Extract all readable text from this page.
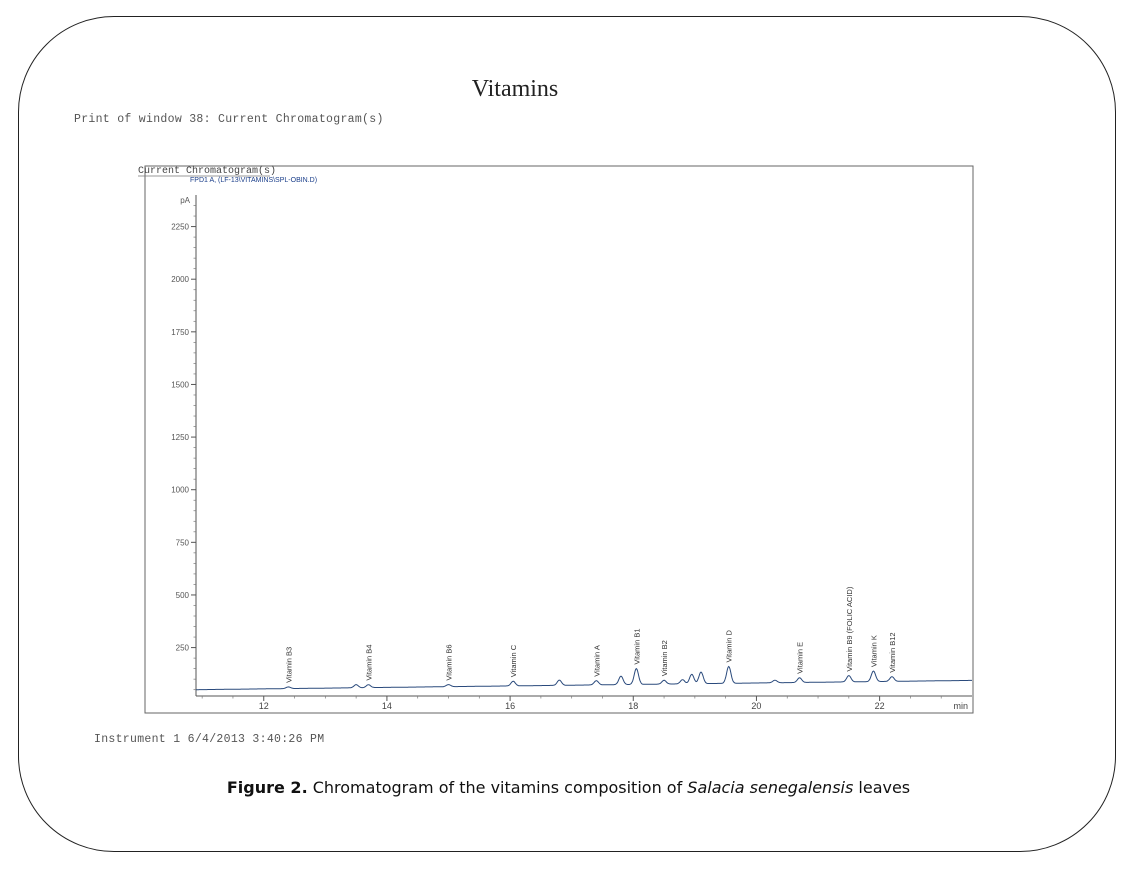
Vitamins
Print of window 38: Current Chromatogram(s)
Current Chromatogram(s)
FPD1 A, (LF-13\VITAMINS\SPL-OBIN.D)
pA
250
500
750
1000
1250
1500
1750
2000
2250
12	14	16	18	20	22	min
Vitamin B3	Vitamin B4	Vitamin B6	Vitamin C	Vitamin A	Vitamin B1 Vitamin B2	Vitamin D	Vitamin E	Vitamin B9 (FOLIC ACID) Vitamin K Vitamin B12
Instrument 1 6/4/2013 3:40:26 PM
Figure 2. Chromatogram of the vitamins composition of Salacia senegalensis leaves
